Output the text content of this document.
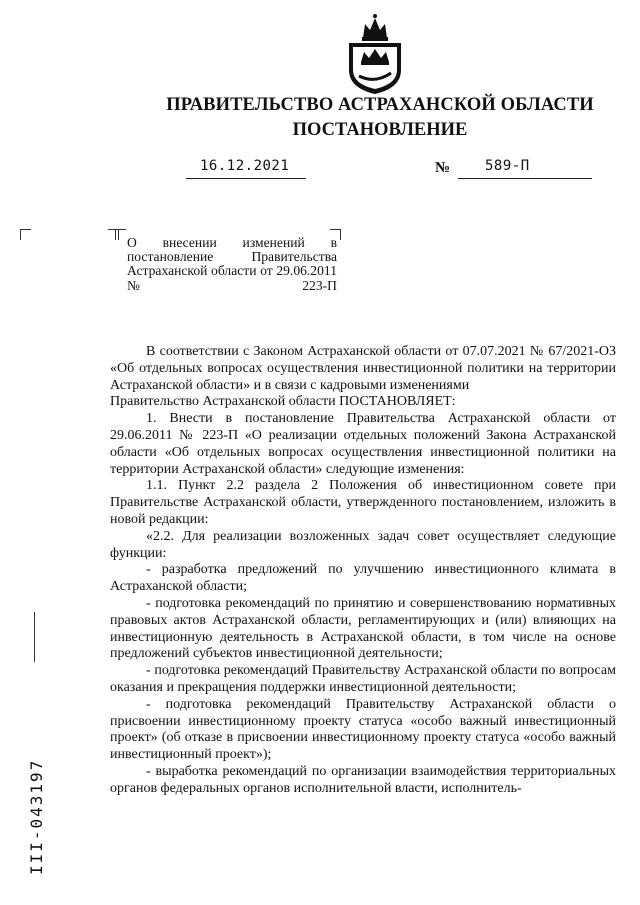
ПРАВИТЕЛЬСТВО АСТРАХАНСКОЙ ОБЛАСТИ
ПОСТАНОВЛЕНИЕ
16.12.2021	№ 589-П
О внесении изменений в постановление Правительства Астраханской области от 29.06.2011 № 223-П

В соответствии с Законом Астраханской области от 07.07.2021 № 67/2021-ОЗ «Об отдельных вопросах осуществления инвестиционной политики на территории Астраханской области» и в связи с кадровыми изменениями

Правительство Астраханской области ПОСТАНОВЛЯЕТ:

1. Внести в постановление Правительства Астраханской области от 29.06.2011 № 223-П «О реализации отдельных положений Закона Астраханской области «Об отдельных вопросах осуществления инвестиционной политики на территории Астраханской области» следующие изменения:

1.1. Пункт 2.2 раздела 2 Положения об инвестиционном совете при Правительстве Астраханской области, утвержденного постановлением, изложить в новой редакции:

«2.2. Для реализации возложенных задач совет осуществляет следующие функции:

- разработка предложений по улучшению инвестиционного климата в Астраханской области;

- подготовка рекомендаций по принятию и совершенствованию нормативных правовых актов Астраханской области, регламентирующих и (или) влияющих на инвестиционную деятельность в Астраханской области, в том числе на основе предложений субъектов инвестиционной деятельности;

- подготовка рекомендаций Правительству Астраханской области по вопросам оказания и прекращения поддержки инвестиционной деятельности;

- подготовка рекомендаций Правительству Астраханской области о присвоении инвестиционному проекту статуса «особо важный инвестиционный проект» (об отказе в присвоении инвестиционному проекту статуса «особо важный инвестиционный проект»);

- выработка рекомендаций по организации взаимодействия территориальных органов федеральных органов исполнительной власти, исполнитель-

III-043197
